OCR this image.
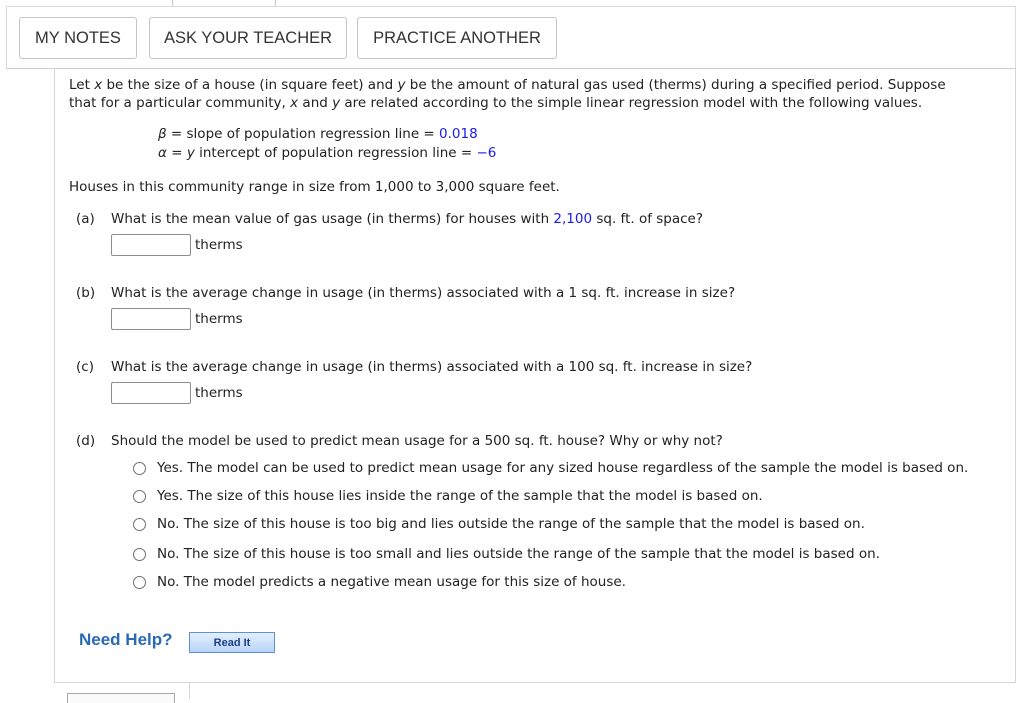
MY NOTES	ASK YOUR TEACHER	PRACTICE ANOTHER
Let x be the size of a house (in square feet) and y be the amount of natural gas used (therms) during a specified period. Suppose
that for a particular community, x and y are related according to the simple linear regression model with the following values.
β = slope of population regression line = 0.018
α = y intercept of population regression line = −6
Houses in this community range in size from 1,000 to 3,000 square feet.
(a) What is the mean value of gas usage (in therms) for houses with 2,100 sq. ft. of space?
therms
(b) What is the average change in usage (in therms) associated with a 1 sq. ft. increase in size?
therms
(c) What is the average change in usage (in therms) associated with a 100 sq. ft. increase in size?
therms
(d) Should the model be used to predict mean usage for a 500 sq. ft. house? Why or why not?
Yes. The model can be used to predict mean usage for any sized house regardless of the sample the model is based on.
Yes. The size of this house lies inside the range of the sample that the model is based on.
No. The size of this house is too big and lies outside the range of the sample that the model is based on.
No. The size of this house is too small and lies outside the range of the sample that the model is based on.
No. The model predicts a negative mean usage for this size of house.
Need Help?	Read It
